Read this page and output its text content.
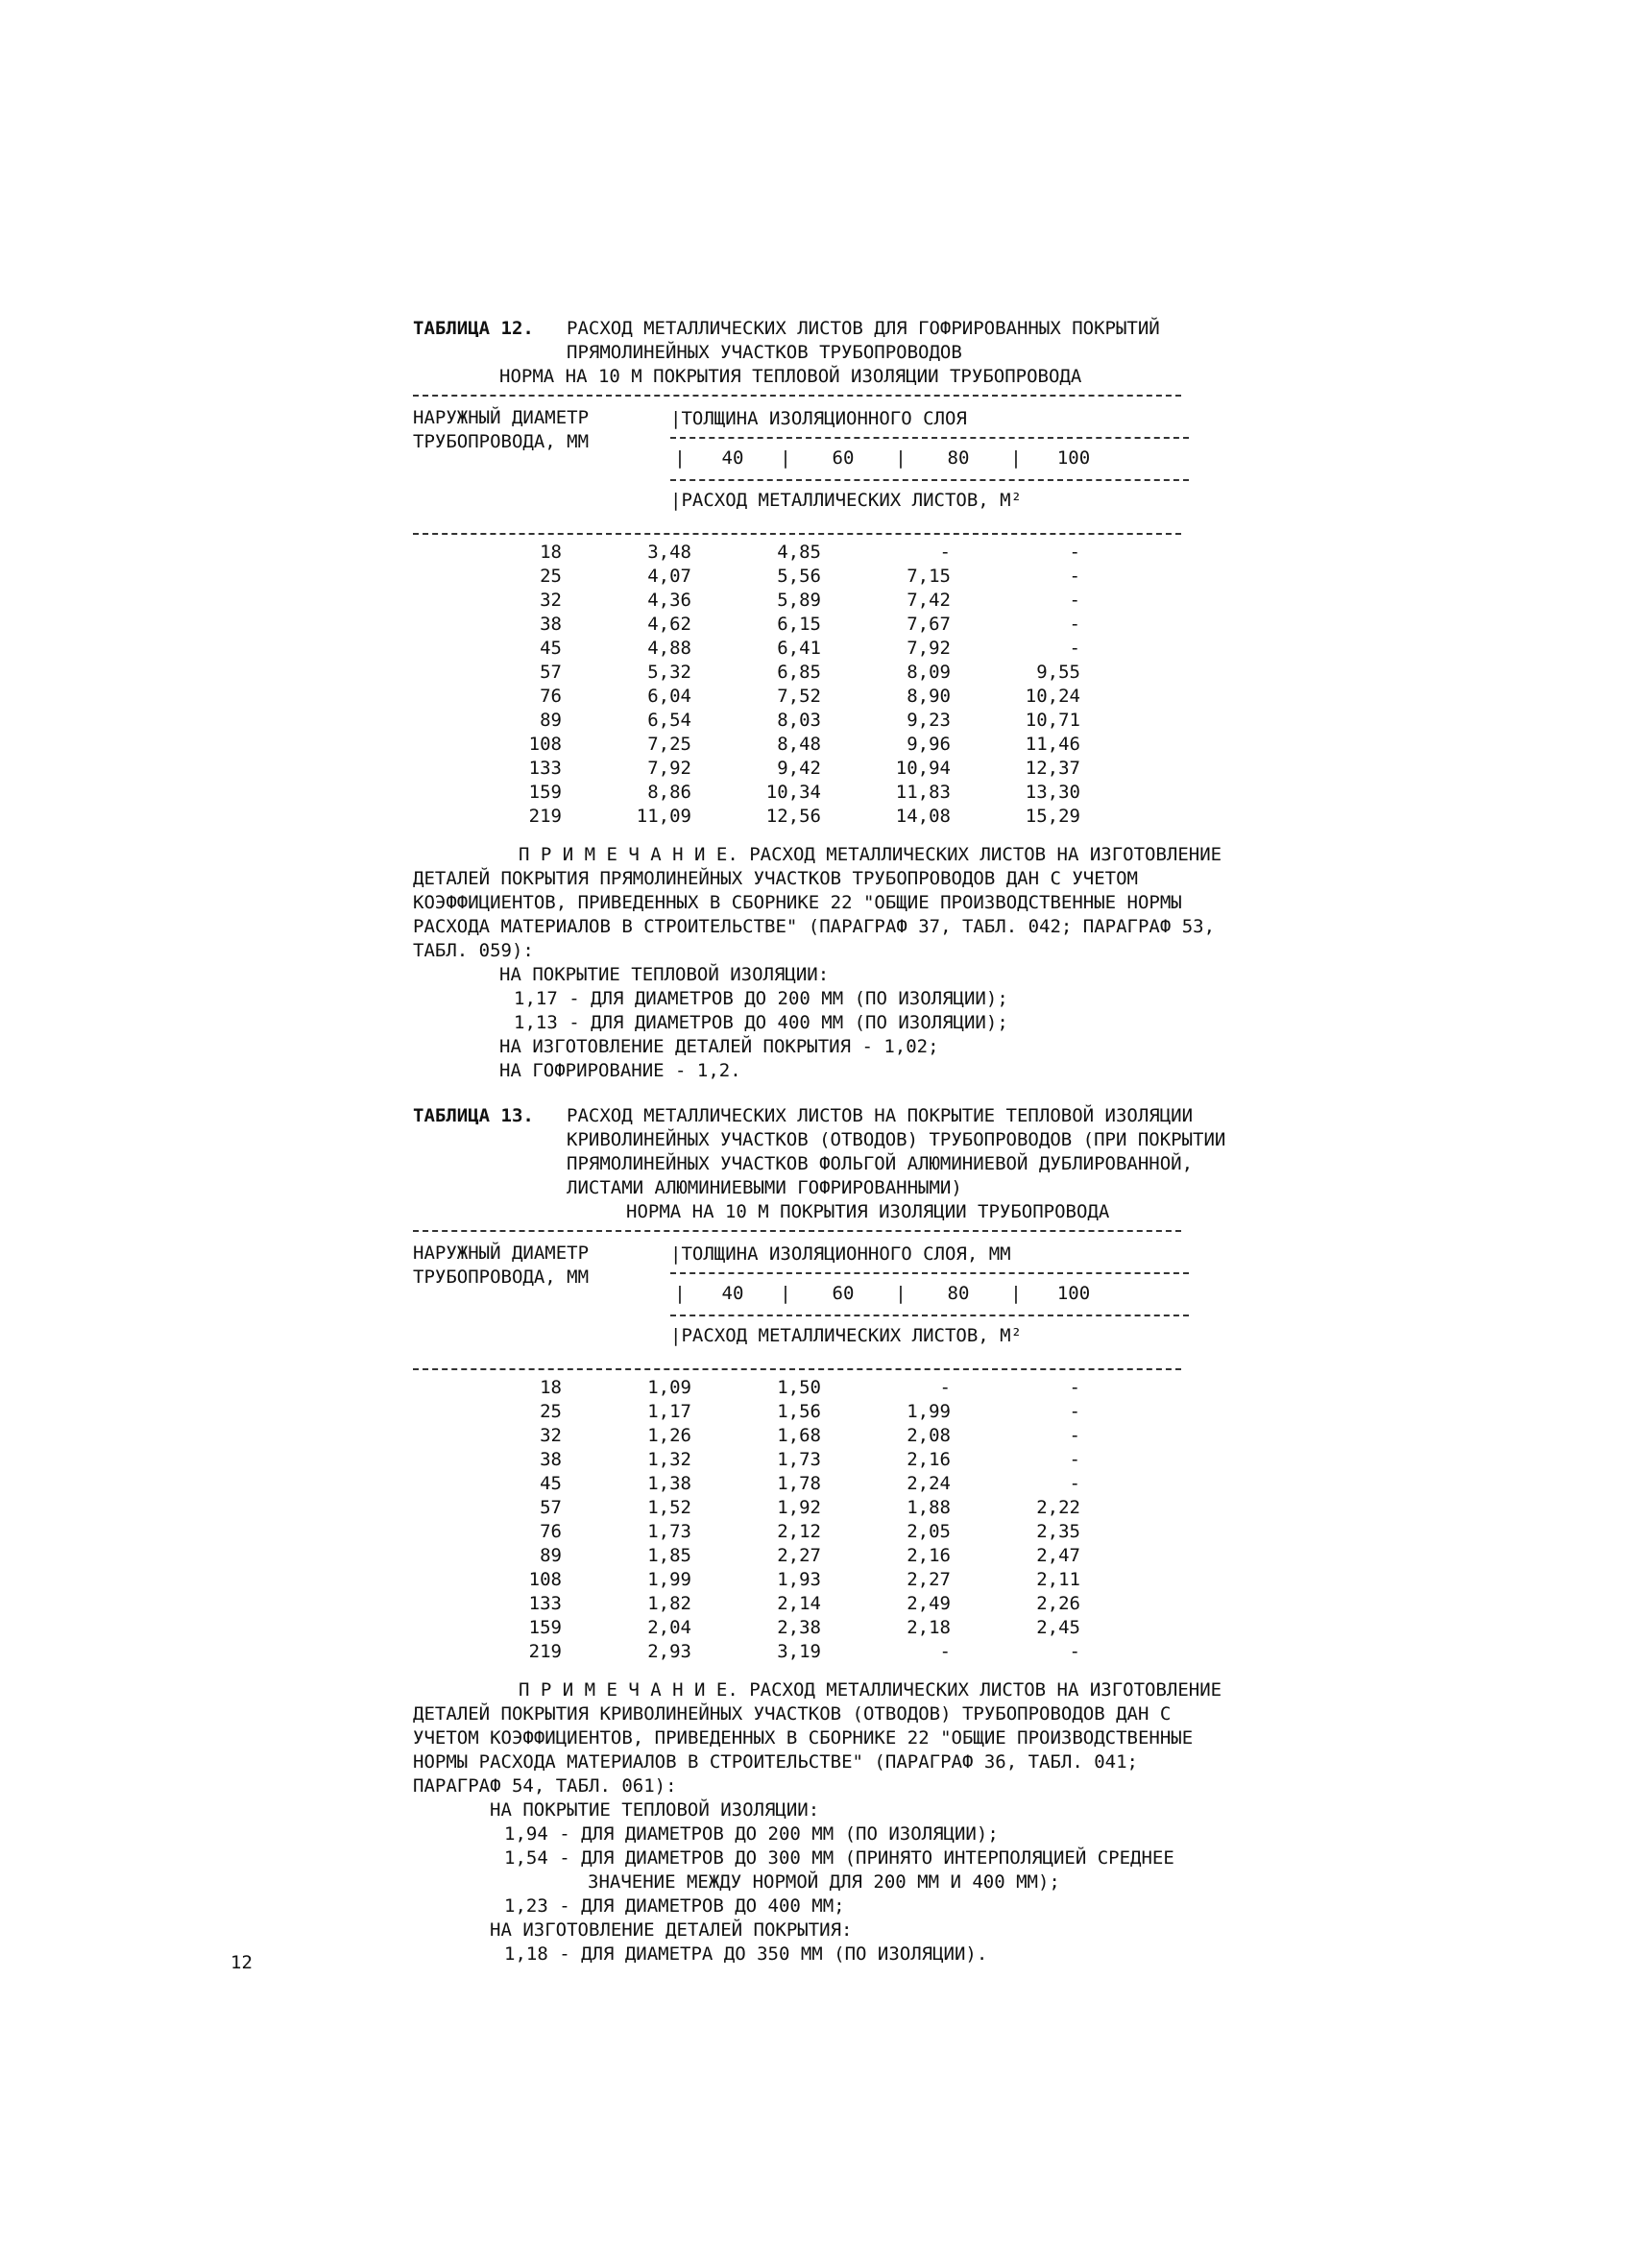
ТАБЛИЦА 12. РАСХОД МЕТАЛЛИЧЕСКИХ ЛИСТОВ ДЛЯ ГОФРИРОВАННЫХ ПОКРЫТИЙ
ПРЯМОЛИНЕЙНЫХ УЧАСТКОВ ТРУБОПРОВОДОВ
НОРМА НА 10 М ПОКРЫТИЯ ТЕПЛОВОЙ ИЗОЛЯЦИИ ТРУБОПРОВОДА
НАРУЖНЫЙ ДИАМЕТР
ТРУБОПРОВОДА, ММ
|ТОЛЩИНА ИЗОЛЯЦИОННОГО СЛОЯ
|	40	|	60	|	80	|	100
|РАСХОД МЕТАЛЛИЧЕСКИХ ЛИСТОВ, М²
18	3,48	4,85	-	-
25	4,07	5,56	7,15	-
32	4,36	5,89	7,42	-
38	4,62	6,15	7,67	-
45	4,88	6,41	7,92	-
57	5,32	6,85	8,09	9,55
76	6,04	7,52	8,90	10,24
89	6,54	8,03	9,23	10,71
108	7,25	8,48	9,96	11,46
133	7,92	9,42	10,94	12,37
159	8,86	10,34	11,83	13,30
219	11,09	12,56	14,08	15,29

П Р И М Е Ч А Н И Е. РАСХОД МЕТАЛЛИЧЕСКИХ ЛИСТОВ НА ИЗГОТОВЛЕНИЕ

ДЕТАЛЕЙ ПОКРЫТИЯ ПРЯМОЛИНЕЙНЫХ УЧАСТКОВ ТРУБОПРОВОДОВ ДАН С УЧЕТОМ

КОЭФФИЦИЕНТОВ, ПРИВЕДЕННЫХ В СБОРНИКЕ 22 "ОБЩИЕ ПРОИЗВОДСТВЕННЫЕ НОРМЫ

РАСХОДА МАТЕРИАЛОВ В СТРОИТЕЛЬСТВЕ" (ПАРАГРАФ 37, ТАБЛ. 042; ПАРАГРАФ 53,

ТАБЛ. 059):

НА ПОКРЫТИЕ ТЕПЛОВОЙ ИЗОЛЯЦИИ:

1,17 - ДЛЯ ДИАМЕТРОВ ДО 200 ММ (ПО ИЗОЛЯЦИИ);

1,13 - ДЛЯ ДИАМЕТРОВ ДО 400 ММ (ПО ИЗОЛЯЦИИ);

НА ИЗГОТОВЛЕНИЕ ДЕТАЛЕЙ ПОКРЫТИЯ - 1,02;

НА ГОФРИРОВАНИЕ - 1,2.

ТАБЛИЦА 13. РАСХОД МЕТАЛЛИЧЕСКИХ ЛИСТОВ НА ПОКРЫТИЕ ТЕПЛОВОЙ ИЗОЛЯЦИИ
КРИВОЛИНЕЙНЫХ УЧАСТКОВ (ОТВОДОВ) ТРУБОПРОВОДОВ (ПРИ ПОКРЫТИИ
ПРЯМОЛИНЕЙНЫХ УЧАСТКОВ ФОЛЬГОЙ АЛЮМИНИЕВОЙ ДУБЛИРОВАННОЙ,
ЛИСТАМИ АЛЮМИНИЕВЫМИ ГОФРИРОВАННЫМИ)
НОРМА НА 10 М ПОКРЫТИЯ ИЗОЛЯЦИИ ТРУБОПРОВОДА
НАРУЖНЫЙ ДИАМЕТР
ТРУБОПРОВОДА, ММ
|ТОЛЩИНА ИЗОЛЯЦИОННОГО СЛОЯ, ММ
|	40	|	60	|	80	|	100
|РАСХОД МЕТАЛЛИЧЕСКИХ ЛИСТОВ, М²
18	1,09	1,50	-	-
25	1,17	1,56	1,99	-
32	1,26	1,68	2,08	-
38	1,32	1,73	2,16	-
45	1,38	1,78	2,24	-
57	1,52	1,92	1,88	2,22
76	1,73	2,12	2,05	2,35
89	1,85	2,27	2,16	2,47
108	1,99	1,93	2,27	2,11
133	1,82	2,14	2,49	2,26
159	2,04	2,38	2,18	2,45
219	2,93	3,19	-	-

П Р И М Е Ч А Н И Е. РАСХОД МЕТАЛЛИЧЕСКИХ ЛИСТОВ НА ИЗГОТОВЛЕНИЕ

ДЕТАЛЕЙ ПОКРЫТИЯ КРИВОЛИНЕЙНЫХ УЧАСТКОВ (ОТВОДОВ) ТРУБОПРОВОДОВ ДАН С

УЧЕТОМ КОЭФФИЦИЕНТОВ, ПРИВЕДЕННЫХ В СБОРНИКЕ 22 "ОБЩИЕ ПРОИЗВОДСТВЕННЫЕ

НОРМЫ РАСХОДА МАТЕРИАЛОВ В СТРОИТЕЛЬСТВЕ" (ПАРАГРАФ 36, ТАБЛ. 041;

ПАРАГРАФ 54, ТАБЛ. 061):

НА ПОКРЫТИЕ ТЕПЛОВОЙ ИЗОЛЯЦИИ:

1,94 - ДЛЯ ДИАМЕТРОВ ДО 200 ММ (ПО ИЗОЛЯЦИИ);

1,54 - ДЛЯ ДИАМЕТРОВ ДО 300 ММ (ПРИНЯТО ИНТЕРПОЛЯЦИЕЙ СРЕДНЕЕ

ЗНАЧЕНИЕ МЕЖДУ НОРМОЙ ДЛЯ 200 ММ И 400 ММ);

1,23 - ДЛЯ ДИАМЕТРОВ ДО 400 ММ;

НА ИЗГОТОВЛЕНИЕ ДЕТАЛЕЙ ПОКРЫТИЯ:

1,18 - ДЛЯ ДИАМЕТРА ДО 350 ММ (ПО ИЗОЛЯЦИИ).

12
